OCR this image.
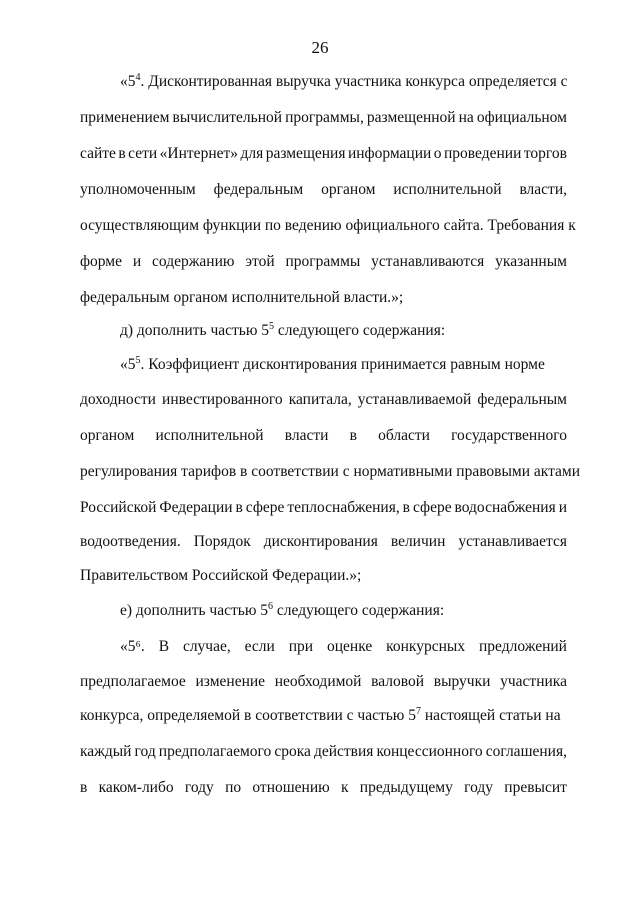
26
«$5^4$. Дисконтированная выручка участника конкурса определяется с
применением вычислительной программы, размещенной на официальном
сайте в сети «Интернет» для размещения информации о проведении торгов
уполномоченным федеральным органом исполнительной власти,
осуществляющим функции по ведению официального сайта. Требования к
форме и содержанию этой программы устанавливаются указанным
федеральным органом исполнительной власти.»;
д) дополнить частью $5^5$ следующего содержания:
«$5^5$. Коэффициент дисконтирования принимается равным норме
доходности инвестированного капитала, устанавливаемой федеральным
органом исполнительной власти в области государственного
регулирования тарифов в соответствии с нормативными правовыми актами
Российской Федерации в сфере теплоснабжения, в сфере водоснабжения и
водоотведения. Порядок дисконтирования величин устанавливается
Правительством Российской Федерации.»;
е) дополнить частью $5^6$ следующего содержания:
«5⁶. В случае, если при оценке конкурсных предложений
предполагаемое изменение необходимой валовой выручки участника
конкурса, определяемой в соответствии с частью $5^7$ настоящей статьи на
каждый год предполагаемого срока действия концессионного соглашения,
в каком-либо году по отношению к предыдущему году превысит
